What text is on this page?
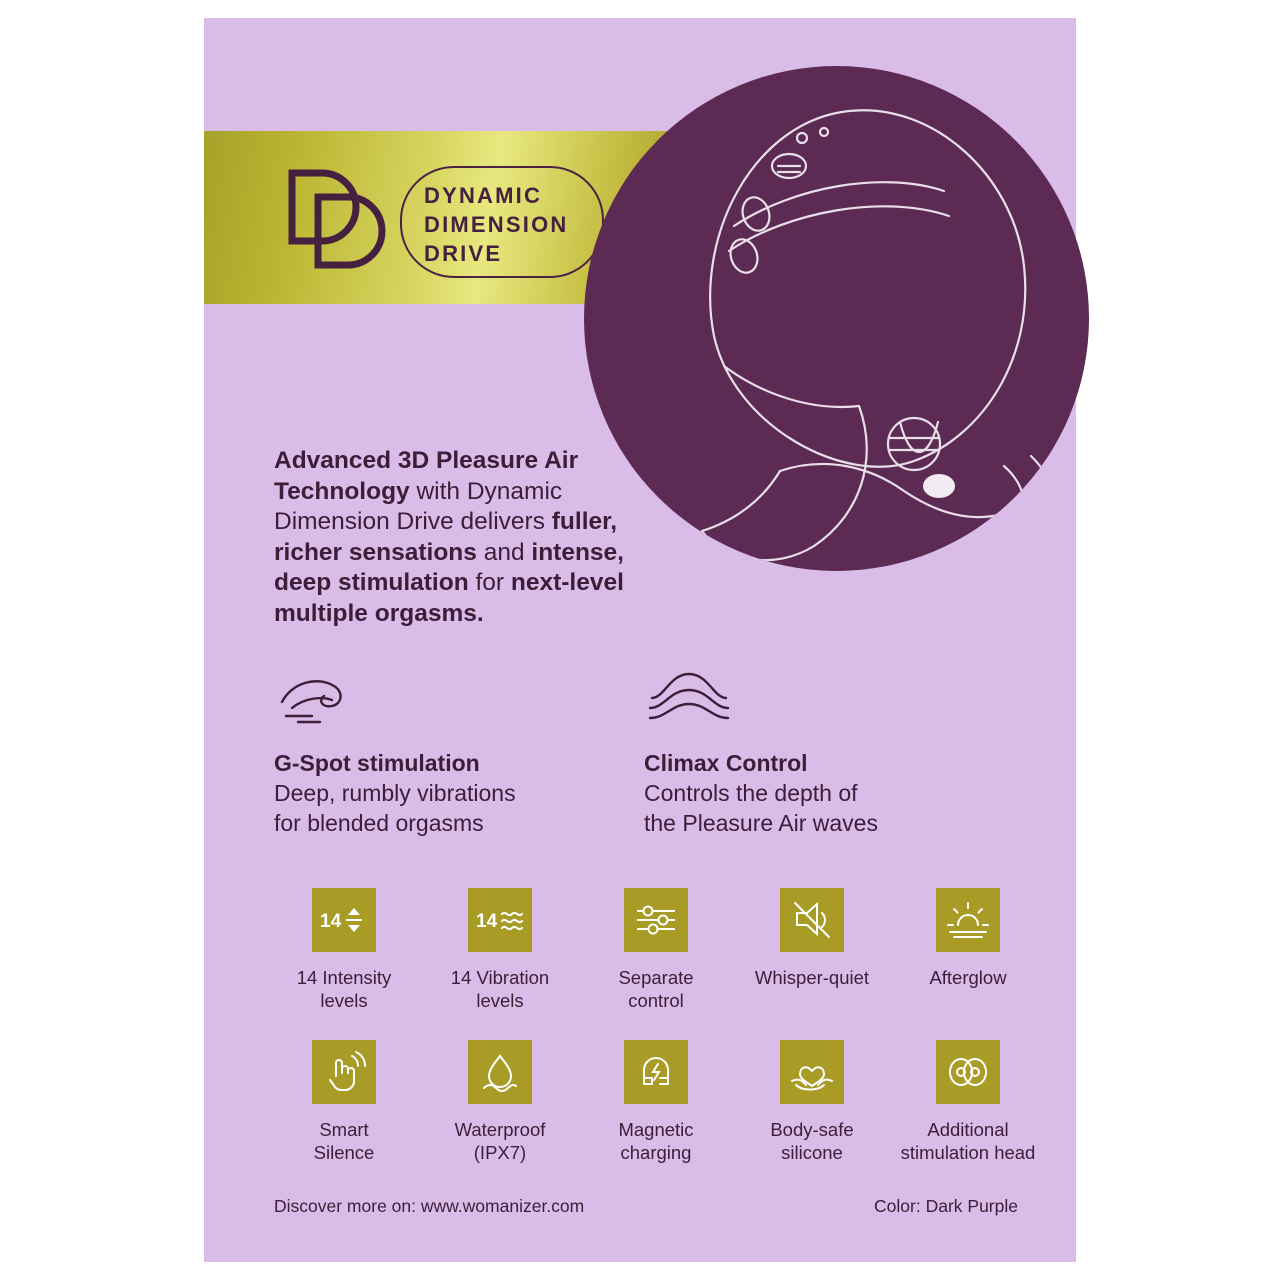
DYNAMIC
DIMENSION
DRIVE
Advanced 3D Pleasure Air Technology with Dynamic Dimension Drive delivers fuller, richer sensations and intense, deep stimulation for next-level multiple orgasms.
G-Spot stimulation
Deep, rumbly vibrations
for blended orgasms
Climax Control
Controls the depth of
the Pleasure Air waves
14
14 Intensity
levels
14
14 Vibration
levels
Separate
control
Whisper-quiet	Afterglow
Smart
Silence
Waterproof
(IPX7)
Magnetic
charging
Body-safe
silicone
Additional
stimulation head
Discover more on: www.womanizer.com	Color: Dark Purple
